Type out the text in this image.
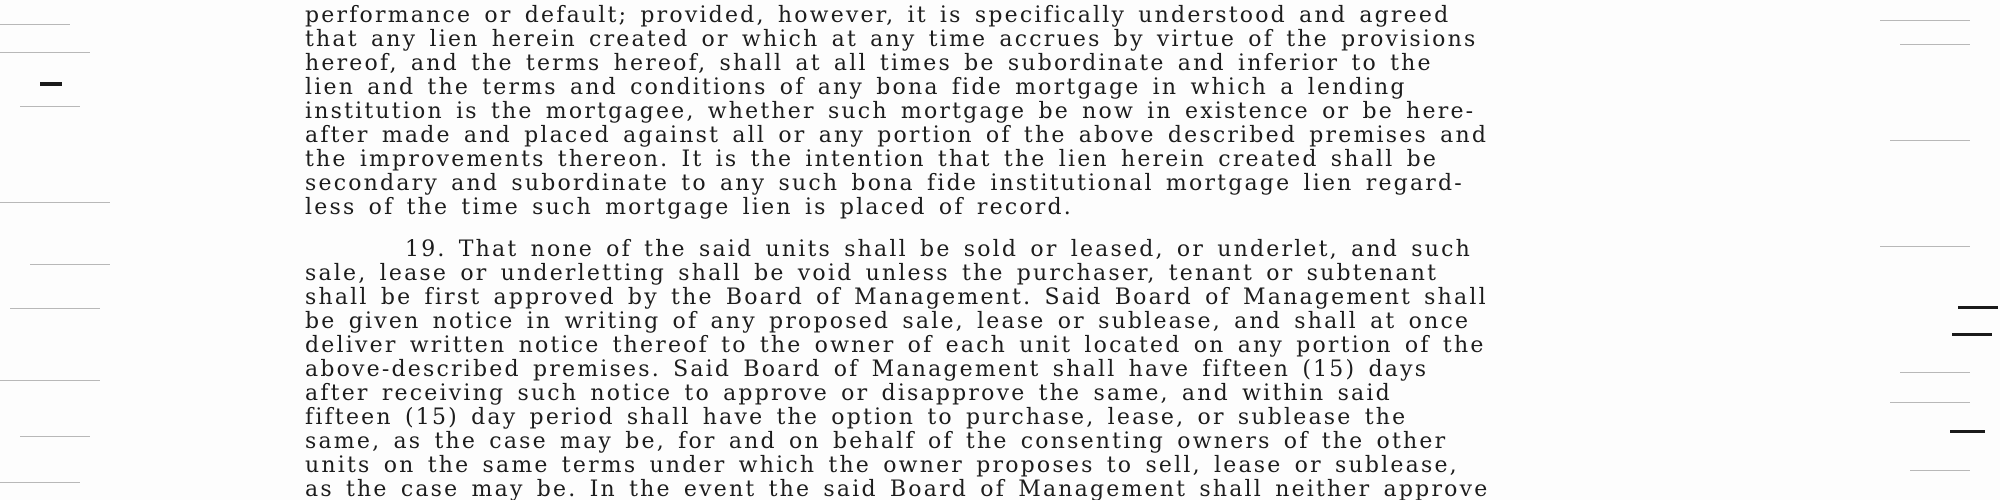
performance or default; provided, however, it is specifically understood and agreed
that any lien herein created or which at any time accrues by virtue of the provisions
hereof, and the terms hereof, shall at all times be subordinate and inferior to the
lien and the terms and conditions of any bona fide mortgage in which a lending
institution is the mortgagee, whether such mortgage be now in existence or be here-
after made and placed against all or any portion of the above described premises and
the improvements thereon. It is the intention that the lien herein created shall be
secondary and subordinate to any such bona fide institutional mortgage lien regard-
less of the time such mortgage lien is placed of record.
19. That none of the said units shall be sold or leased, or underlet, and such
sale, lease or underletting shall be void unless the purchaser, tenant or subtenant
shall be first approved by the Board of Management. Said Board of Management shall
be given notice in writing of any proposed sale, lease or sublease, and shall at once
deliver written notice thereof to the owner of each unit located on any portion of the
above-described premises. Said Board of Management shall have fifteen (15) days
after receiving such notice to approve or disapprove the same, and within said
fifteen (15) day period shall have the option to purchase, lease, or sublease the
same, as the case may be, for and on behalf of the consenting owners of the other
units on the same terms under which the owner proposes to sell, lease or sublease,
as the case may be. In the event the said Board of Management shall neither approve
